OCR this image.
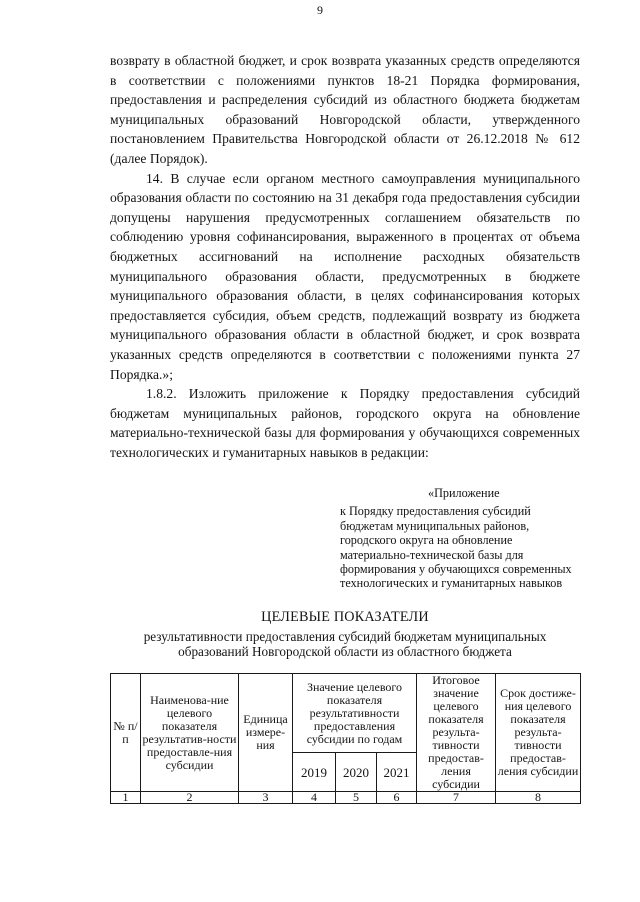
9

возврату в областной бюджет, и срок возврата указанных средств определяются в соответствии с положениями пунктов 18-21 Порядка формирования, предоставления и распределения субсидий из областного бюджета бюджетам муниципальных образований Новгородской области, утвержденного постановлением Правительства Новгородской области от 26.12.2018 № 612 (далее Порядок).

14. В случае если органом местного самоуправления муниципального образования области по состоянию на 31 декабря года предоставления субсидии допущены нарушения предусмотренных соглашением обязательств по соблюдению уровня софинансирования, выраженного в процентах от объема бюджетных ассигнований на исполнение расходных обязательств муниципального образования области, предусмотренных в бюджете муниципального образования области, в целях софинансирования которых предоставляется субсидия, объем средств, подлежащий возврату из бюджета муниципального образования области в областной бюджет, и срок возврата указанных средств определяются в соответствии с положениями пункта 27 Порядка.»;

1.8.2. Изложить приложение к Порядку предоставления субсидий бюджетам муниципальных районов, городского округа на обновление материально-технической базы для формирования у обучающихся современных технологических и гуманитарных навыков в редакции:

«Приложение
к Порядку предоставления субсидий бюджетам муниципальных районов, городского округа на обновление материально-технической базы для формирования у обучающихся современных технологических и гуманитарных навыков
ЦЕЛЕВЫЕ ПОКАЗАТЕЛИ
результативности предоставления субсидий бюджетам муниципальных образований Новгородской области из областного бюджета
№ п/п	Наименова-ние целевого показателя результатив-ности предоставле-ния субсидии	Единица измере-ния	Значение целевого показателя результативности предоставления субсидии по годам			Итоговое значение целевого показателя результа-тивности предостав-ления субсидии	Срок достиже-ния целевого показателя результа-тивности предостав-ления субсидии
			2019	2020	2021		
1	2	3	4	5	6	7	8
